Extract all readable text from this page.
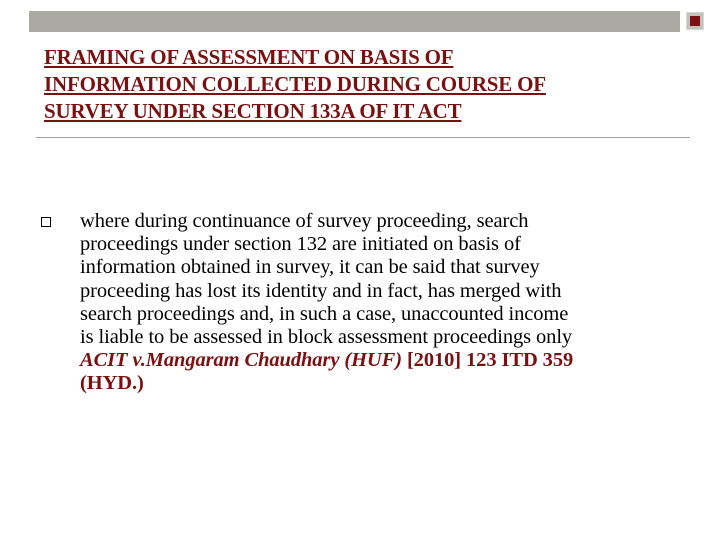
FRAMING OF ASSESSMENT ON BASIS OF
INFORMATION COLLECTED DURING COURSE OF
SURVEY UNDER SECTION 133A OF IT ACT
where during continuance of survey proceeding, search
proceedings under section 132 are initiated on basis of
information obtained in survey, it can be said that survey
proceeding has lost its identity and in fact, has merged with
search proceedings and, in such a case, unaccounted income
is liable to be assessed in block assessment proceedings only
ACIT v.Mangaram Chaudhary (HUF) [2010] 123 ITD 359
(HYD.)
